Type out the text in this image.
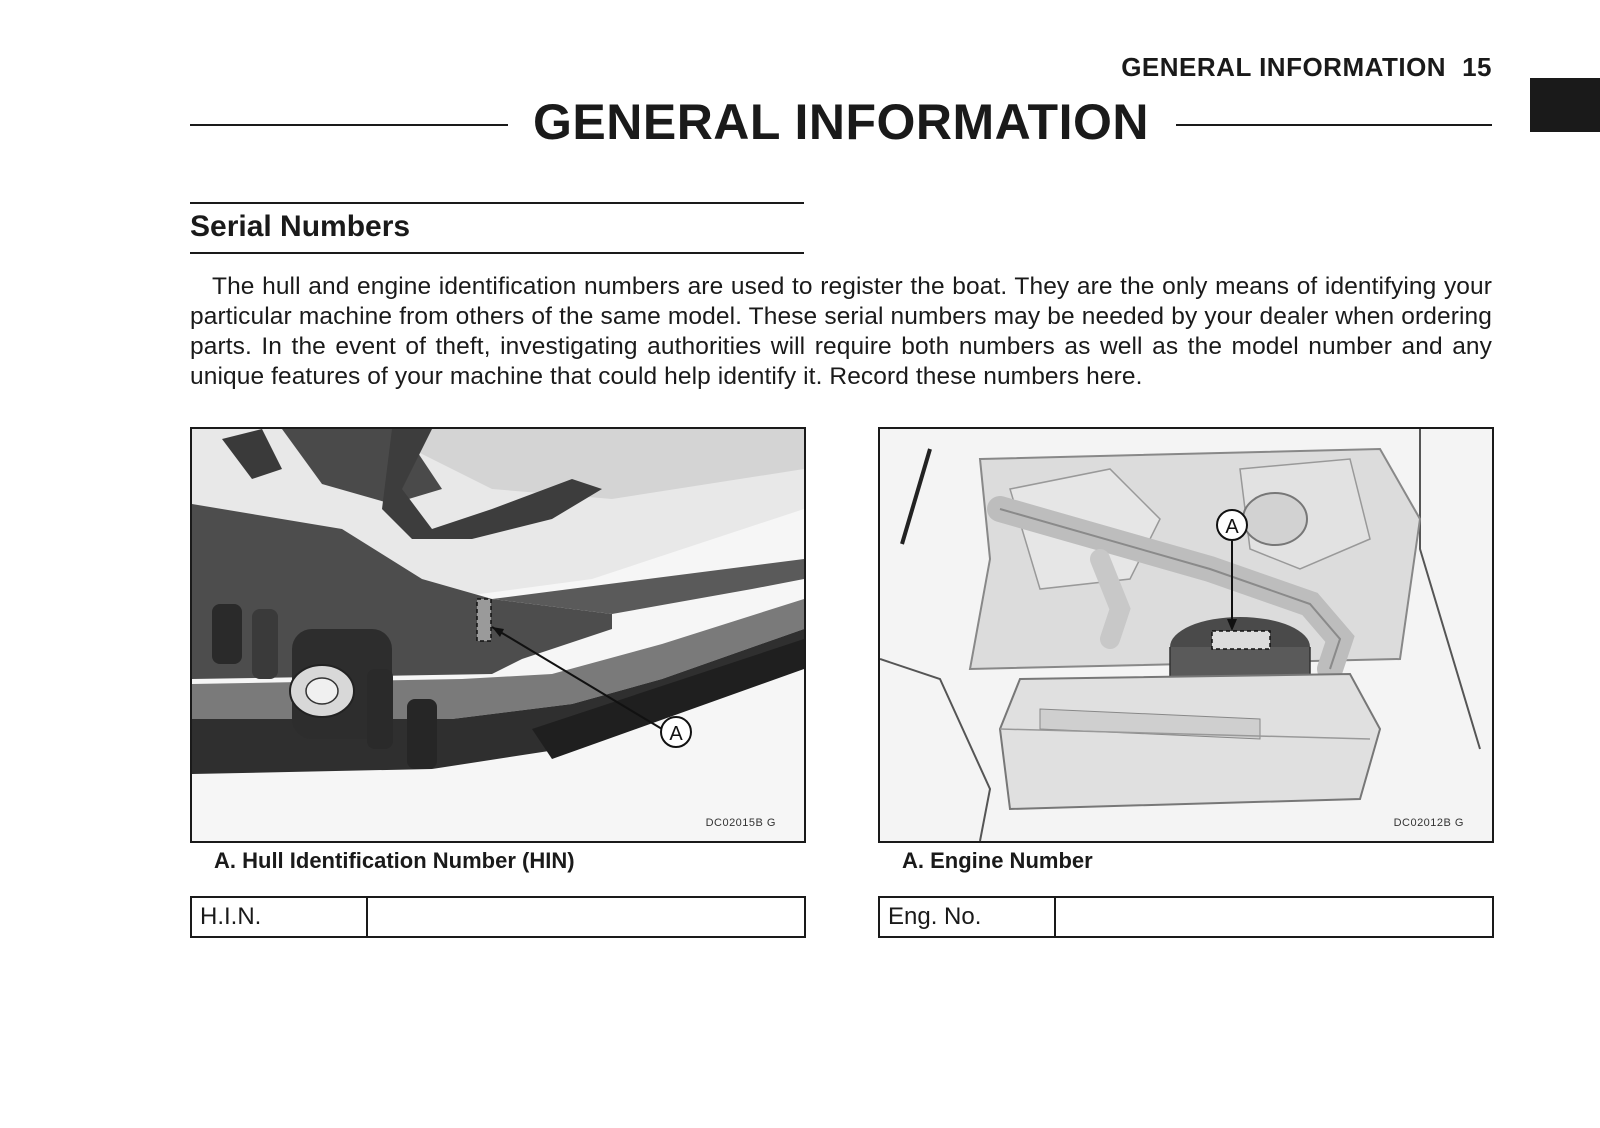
GENERAL INFORMATION 15
GENERAL INFORMATION
Serial Numbers

The hull and engine identification numbers are used to register the boat. They are the only means of identifying your particular machine from others of the same model. These serial numbers may be needed by your dealer when ordering parts. In the event of theft, investigating authorities will require both numbers as well as the model number and any unique features of your machine that could help identify it. Record these numbers here.

A
DC02015B G
A
DC02012B G
A. Hull Identification Number (HIN)	A. Engine Number
H.I.N.	Eng. No.
